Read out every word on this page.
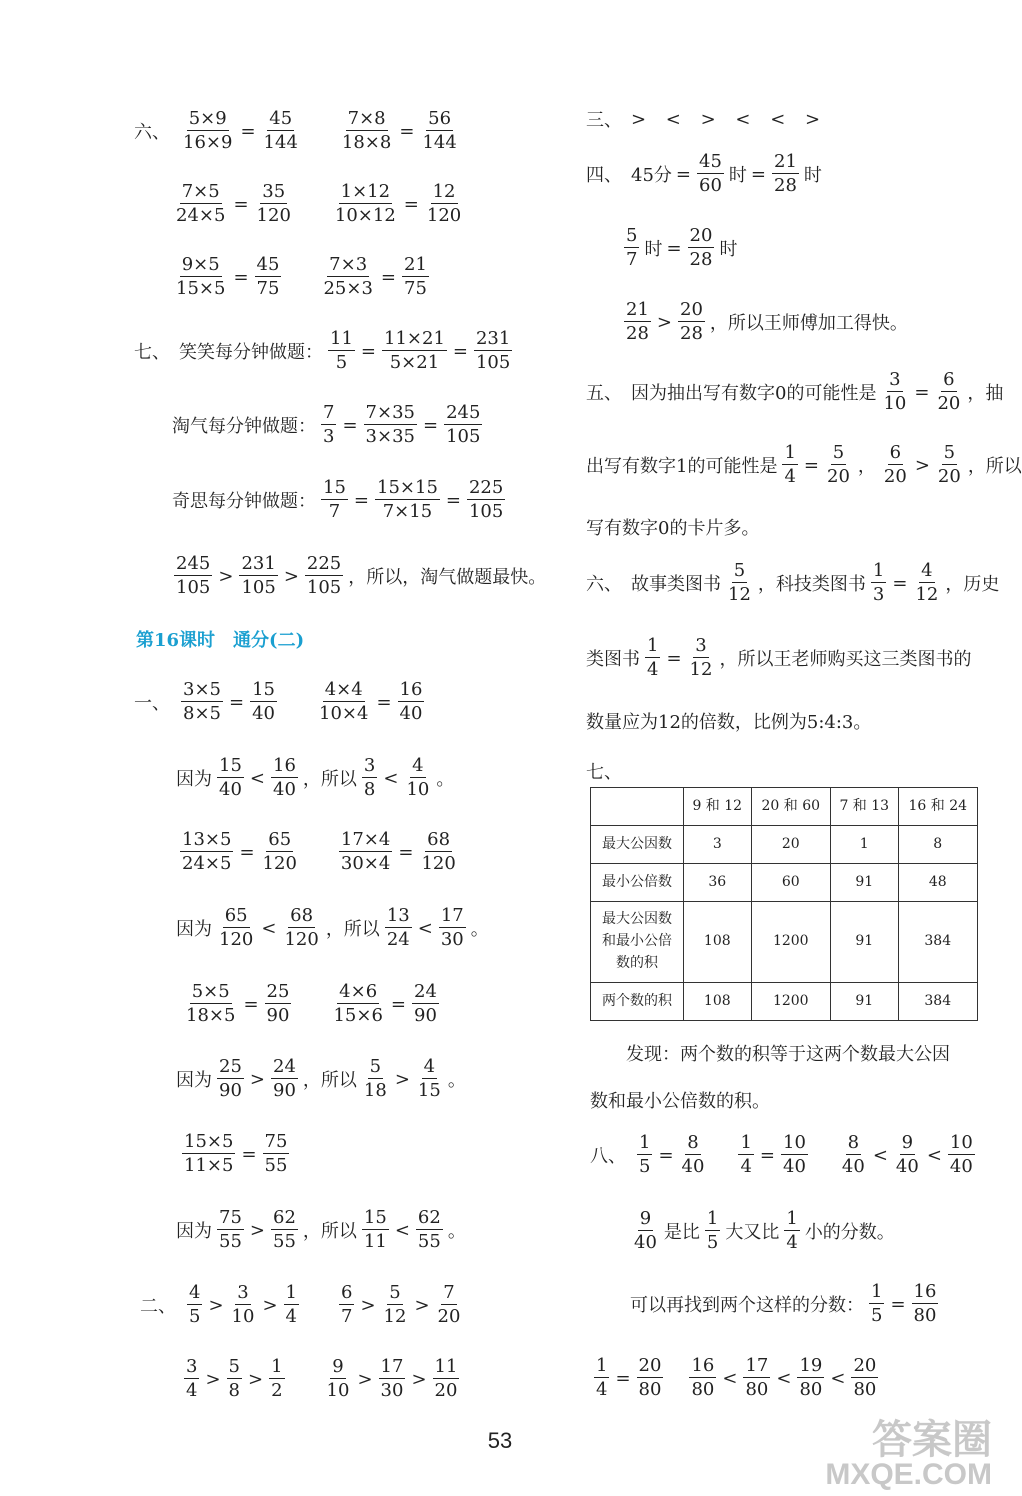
六、 $\frac{5\times 9}{16\times 9} = \frac{45}{144} \frac{7\times 8}{18\times 8} = \frac{56}{144}$
$\frac{7\times 5}{24\times 5} = \frac{35}{120} \frac{1\times 12}{10\times 12} = \frac{12}{120}$
$\frac{9\times 5}{15\times 5} = \frac{45}{75} \frac{7\times 3}{25\times 3} = \frac{21}{75}$
七、 笑笑每分钟做题： $\frac{11}{5} = \frac{11\times 21}{5\times 21} = \frac{231}{105}$
淘气每分钟做题： $\frac{7}{3} = \frac{7\times 35}{3\times 35} = \frac{245}{105}$
奇思每分钟做题： $\frac{15}{7} = \frac{15\times 15}{7\times 15} = \frac{225}{105}$
245
105
>
231
105
>
225
105 ，所以，淘气做题最快。
第16课时　通分(二)
一、 $\frac{3\times 5}{8\times 5} = \frac{15}{40} \frac{4\times 4}{10\times 4} = \frac{16}{40}$
因为
15
40
<
16
40 ，所以
3
8
<
4
10 。
$\frac{13\times 5}{24\times 5} = \frac{65}{120} \frac{17\times 4}{30\times 4} = \frac{68}{120}$
因为
65
120
<
68
120 ，所以
13
24
<
17
30 。
$\frac{5\times 5}{18\times 5} = \frac{25}{90} \frac{4\times 6}{15\times 6} = \frac{24}{90}$
因为
25
90
>
24
90 ，所以
5
18
>
4
15 。
$\frac{15\times 5}{11\times 5} = \frac{75}{55}$
因为
75
55
>
62
55 ，所以
15
11
<
62
55 。
二、
4
5
>
3
10
>
1
4
6
7
>
5
12
>
7
20
3
4
>
5
8
>
1
2
9
10
>
17
30
>
11
20
三、 > < > < < >
四、 45分 = $\frac{45}{60}$ 时 = $\frac{21}{28}$ 时
5
7 时 = $\frac{20}{28}$ 时
21
28
>
20
28 ，所以王师傅加工得快。
五、 因为抽出写有数字0的可能性是 $\frac{3}{10} = \frac{6}{20}$ ，抽
出写有数字1的可能性是 $\frac{1}{4} = \frac{5}{20}$ ，
6
20
>
5
20 ，所以
写有数字0的卡片多。
六、 故事类图书
5
12 ，科技类图书 $\frac{1}{3} = \frac{4}{12}$ ，历史
类图书 $\frac{1}{4} = \frac{3}{12}$ ，所以王老师购买这三类图书的
数量应为12的倍数，比例为5:4:3。
七、
	9 和 12	20 和 60	7 和 13	16 和 24
最大公因数	3	20	1	8
最小公倍数	36	60	91	48
最大公因数和最小公倍数的积	108	1200	91	384
两个数的积	108	1200	91	384
发现：两个数的积等于这两个数最大公因
数和最小公倍数的积。
八、 $\frac{1}{5} = \frac{8}{40} \frac{1}{4} = \frac{10}{40} 8$
40
<
9
40
<
10
40
9
40 是比
1
5 大又比
1
4 小的分数。
可以再找到两个这样的分数： $\frac{1}{5} = \frac{16}{80}$
$\frac{1}{4} = \frac{20}{80} 16$
80
<
17
80
<
19
80
<
20
80
53	答案圈
MXQE.COM
